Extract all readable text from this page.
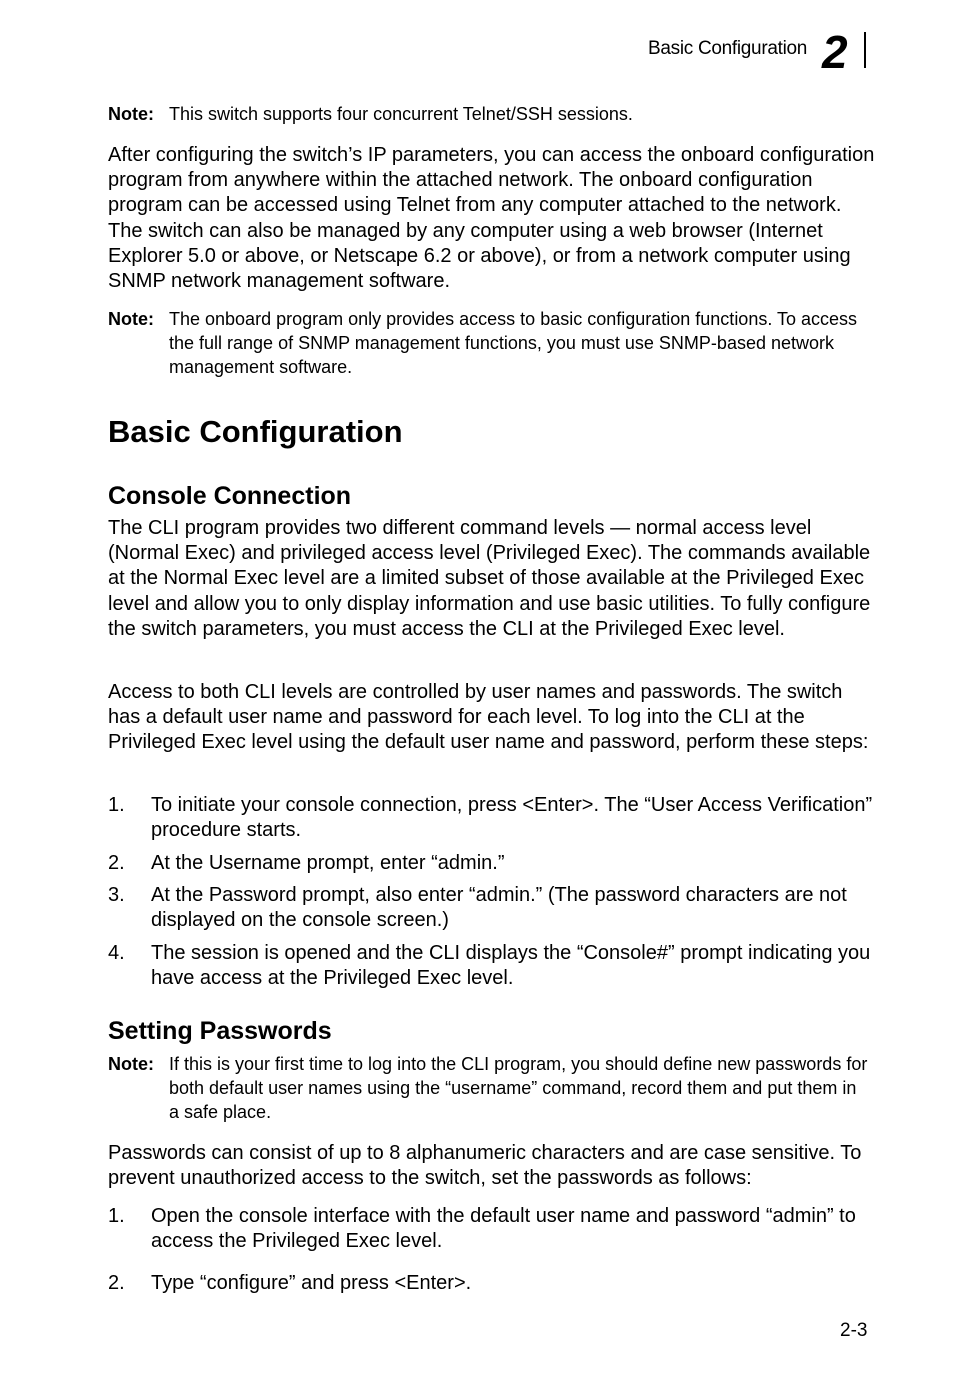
Basic Configuration 2
Note: This switch supports four concurrent Telnet/SSH sessions.
After configuring the switch’s IP parameters, you can access the onboard configuration program from anywhere within the attached network. The onboard configuration program can be accessed using Telnet from any computer attached to the network. The switch can also be managed by any computer using a web browser (Internet Explorer 5.0 or above, or Netscape 6.2 or above), or from a network computer using SNMP network management software.
Note: The onboard program only provides access to basic configuration functions. To access the full range of SNMP management functions, you must use SNMP-based network management software.
Basic Configuration
Console Connection
The CLI program provides two different command levels — normal access level (Normal Exec) and privileged access level (Privileged Exec). The commands available at the Normal Exec level are a limited subset of those available at the Privileged Exec level and allow you to only display information and use basic utilities. To fully configure the switch parameters, you must access the CLI at the Privileged Exec level.
Access to both CLI levels are controlled by user names and passwords. The switch has a default user name and password for each level. To log into the CLI at the Privileged Exec level using the default user name and password, perform these steps:
1. To initiate your console connection, press <Enter>. The “User Access Verification” procedure starts.
2. At the Username prompt, enter “admin.”
3. At the Password prompt, also enter “admin.” (The password characters are not displayed on the console screen.)
4. The session is opened and the CLI displays the “Console#” prompt indicating you have access at the Privileged Exec level.
Setting Passwords
Note: If this is your first time to log into the CLI program, you should define new passwords for both default user names using the “username” command, record them and put them in a safe place.
Passwords can consist of up to 8 alphanumeric characters and are case sensitive. To prevent unauthorized access to the switch, set the passwords as follows:
1. Open the console interface with the default user name and password “admin” to access the Privileged Exec level.
2. Type “configure” and press <Enter>.
2-3
